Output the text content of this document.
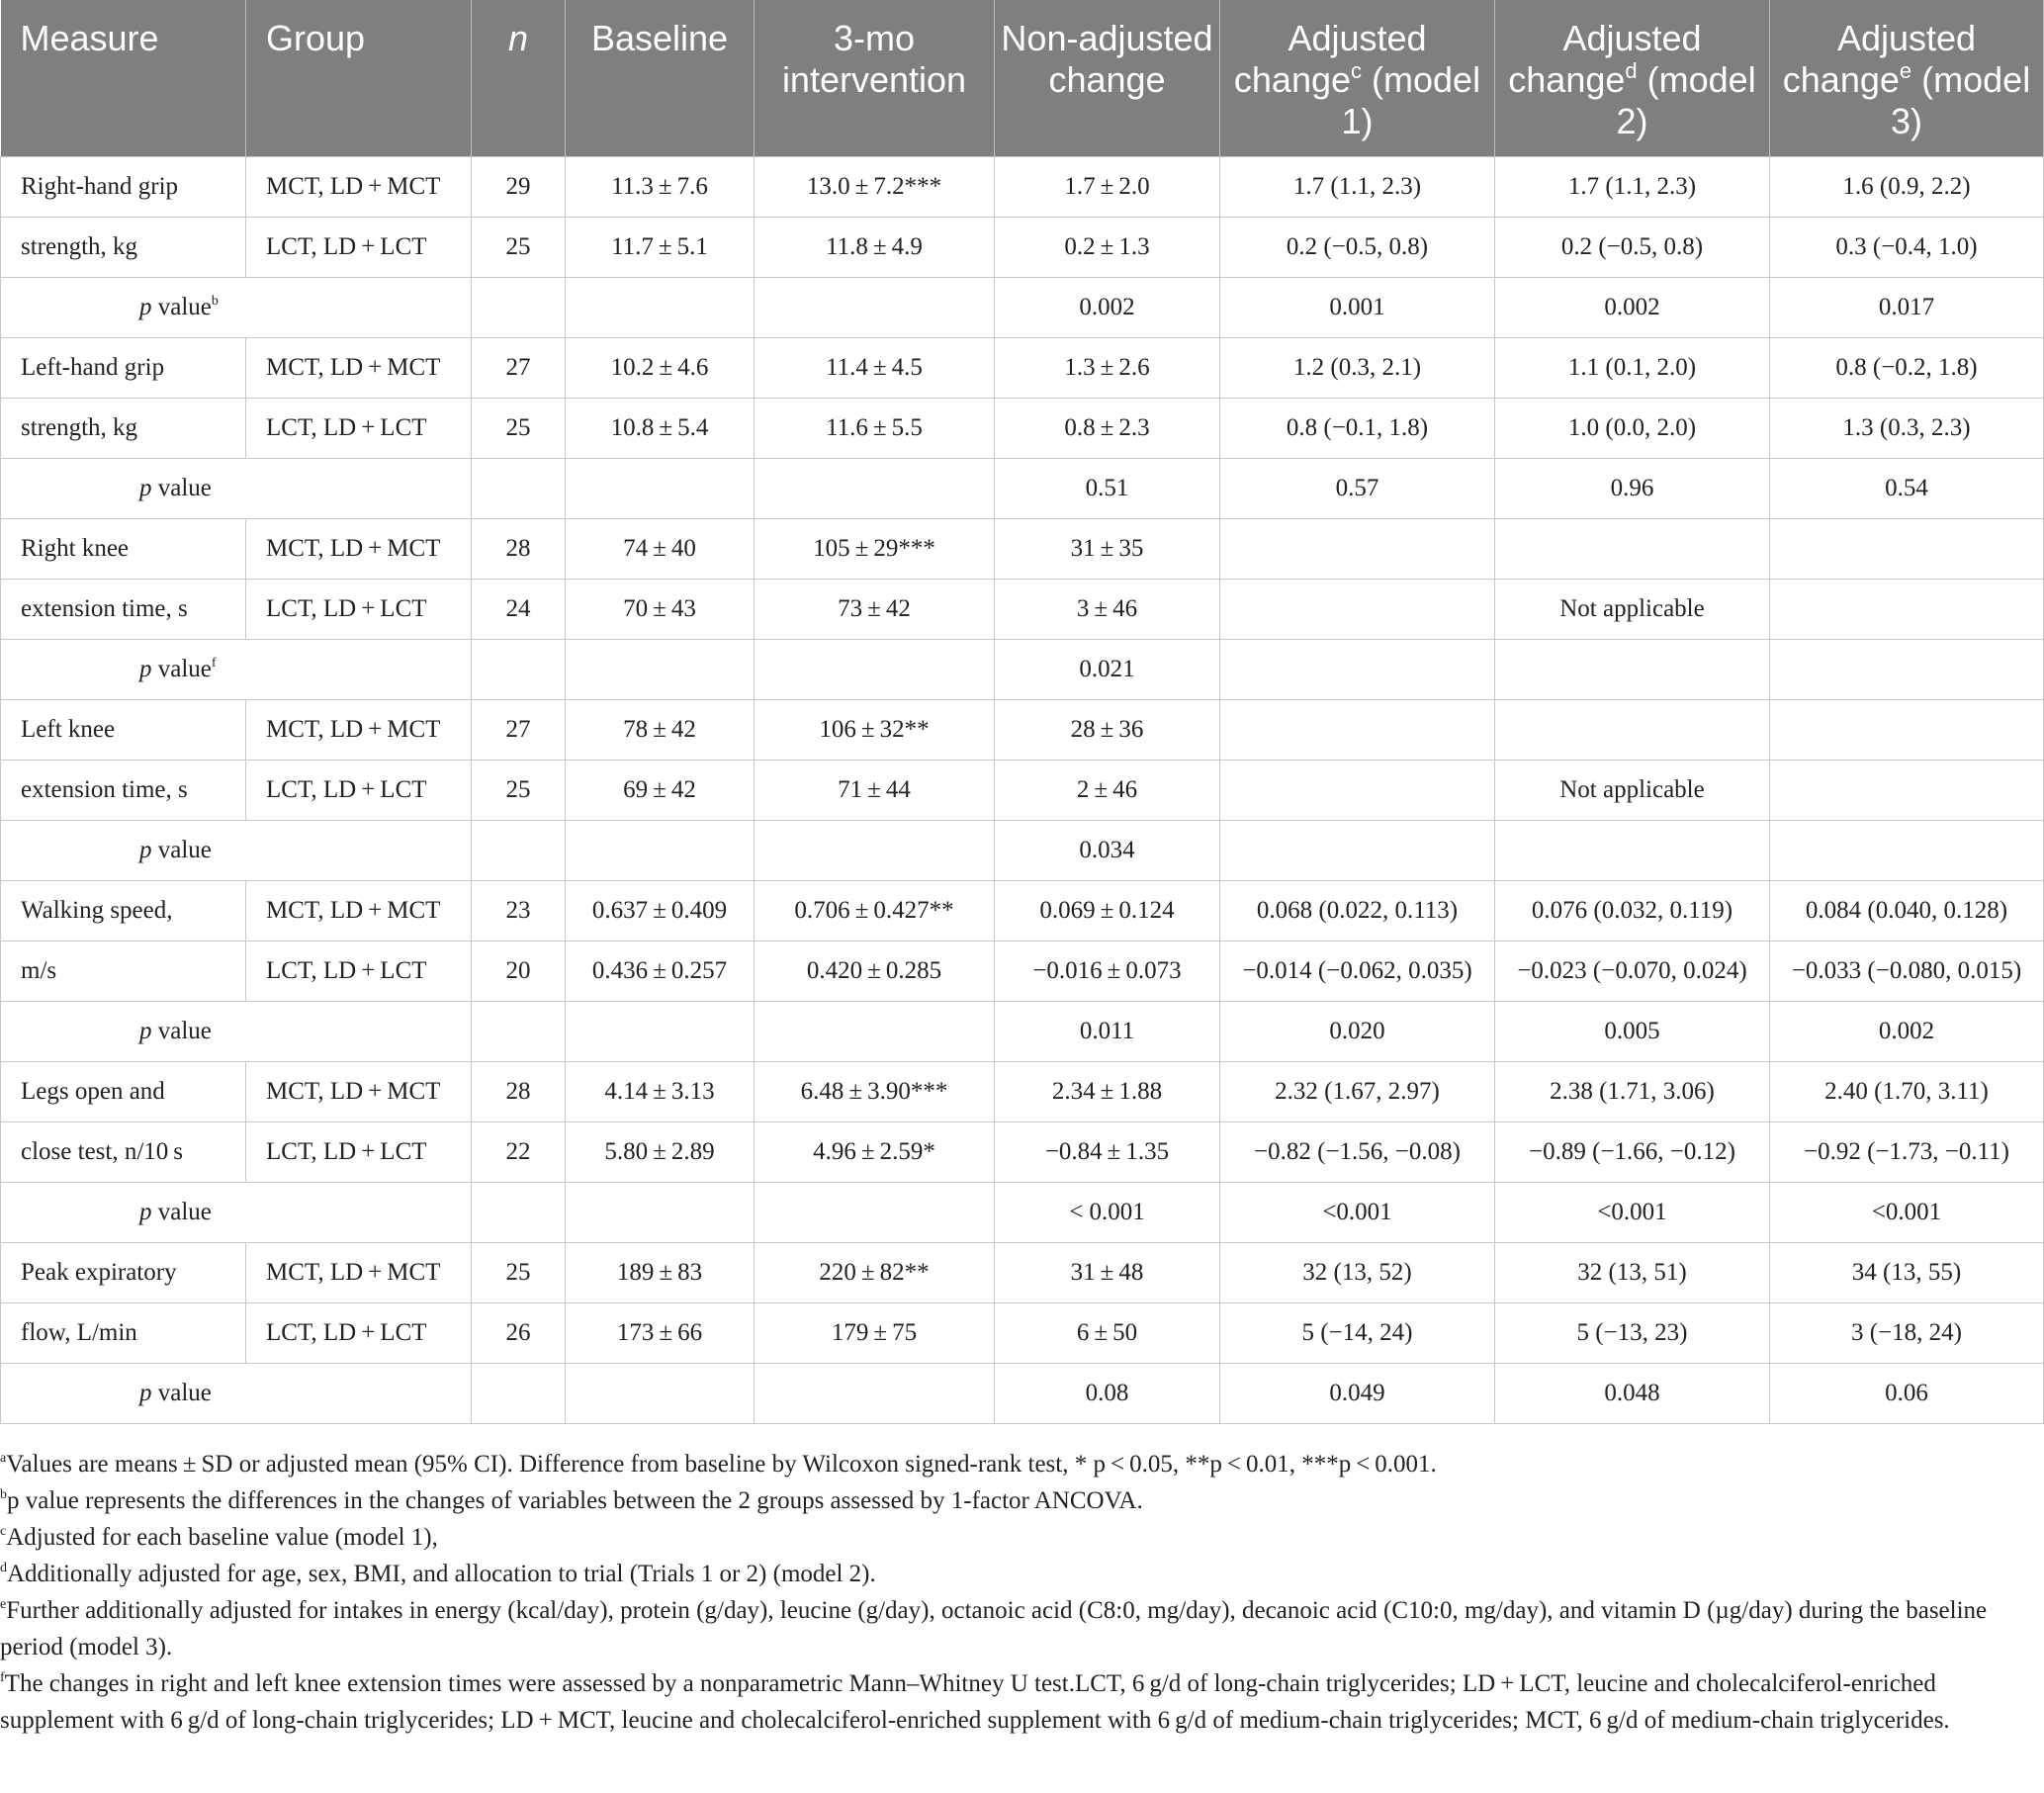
Measure	Group	n	Baseline	3-mo intervention	Non-adjusted change	Adjusted change$^c$ (model 1)	Adjusted change$^d$ (model 2)	Adjusted change$^e$ (model 3)
Right-hand grip	MCT, LD + MCT	29	11.3 ± 7.6	13.0 ± 7.2***	1.7 ± 2.0	1.7 (1.1, 2.3)	1.7 (1.1, 2.3)	1.6 (0.9, 2.2)
strength, kg	LCT, LD + LCT	25	11.7 ± 5.1	11.8 ± 4.9	0.2 ± 1.3	0.2 (−0.5, 0.8)	0.2 (−0.5, 0.8)	0.3 (−0.4, 1.0)
p value$^b$					0.002	0.001	0.002	0.017
Left-hand grip	MCT, LD + MCT	27	10.2 ± 4.6	11.4 ± 4.5	1.3 ± 2.6	1.2 (0.3, 2.1)	1.1 (0.1, 2.0)	0.8 (−0.2, 1.8)
strength, kg	LCT, LD + LCT	25	10.8 ± 5.4	11.6 ± 5.5	0.8 ± 2.3	0.8 (−0.1, 1.8)	1.0 (0.0, 2.0)	1.3 (0.3, 2.3)
p value					0.51	0.57	0.96	0.54
Right knee	MCT, LD + MCT	28	74 ± 40	105 ± 29***	31 ± 35			
extension time, s	LCT, LD + LCT	24	70 ± 43	73 ± 42	3 ± 46		Not applicable	
p value$^f$					0.021			
Left knee	MCT, LD + MCT	27	78 ± 42	106 ± 32**	28 ± 36			
extension time, s	LCT, LD + LCT	25	69 ± 42	71 ± 44	2 ± 46		Not applicable	
p value					0.034			
Walking speed,	MCT, LD + MCT	23	0.637 ± 0.409	0.706 ± 0.427**	0.069 ± 0.124	0.068 (0.022, 0.113)	0.076 (0.032, 0.119)	0.084 (0.040, 0.128)
m/s	LCT, LD + LCT	20	0.436 ± 0.257	0.420 ± 0.285	−0.016 ± 0.073	−0.014 (−0.062, 0.035)	−0.023 (−0.070, 0.024)	−0.033 (−0.080, 0.015)
p value					0.011	0.020	0.005	0.002
Legs open and	MCT, LD + MCT	28	4.14 ± 3.13	6.48 ± 3.90***	2.34 ± 1.88	2.32 (1.67, 2.97)	2.38 (1.71, 3.06)	2.40 (1.70, 3.11)
close test, n/10 s	LCT, LD + LCT	22	5.80 ± 2.89	4.96 ± 2.59*	−0.84 ± 1.35	−0.82 (−1.56, −0.08)	−0.89 (−1.66, −0.12)	−0.92 (−1.73, −0.11)
p value					< 0.001	<0.001	<0.001	<0.001
Peak expiratory	MCT, LD + MCT	25	189 ± 83	220 ± 82**	31 ± 48	32 (13, 52)	32 (13, 51)	34 (13, 55)
flow, L/min	LCT, LD + LCT	26	173 ± 66	179 ± 75	6 ± 50	5 (−14, 24)	5 (−13, 23)	3 (−18, 24)
p value					0.08	0.049	0.048	0.06

$^a$Values are means ± SD or adjusted mean (95% CI). Difference from baseline by Wilcoxon signed-rank test, * p < 0.05, **p < 0.01, ***p < 0.001.

$^b$p value represents the differences in the changes of variables between the 2 groups assessed by 1-factor ANCOVA.

$^c$Adjusted for each baseline value (model 1),

$^d$Additionally adjusted for age, sex, BMI, and allocation to trial (Trials 1 or 2) (model 2).

$^e$Further additionally adjusted for intakes in energy (kcal/day), protein (g/day), leucine (g/day), octanoic acid (C8:0, mg/day), decanoic acid (C10:0, mg/day), and vitamin D (µg/day) during the baseline period (model 3).

$^f$The changes in right and left knee extension times were assessed by a nonparametric Mann–Whitney U test.LCT, 6 g/d of long-chain triglycerides; LD + LCT, leucine and cholecalciferol-enriched supplement with 6 g/d of long-chain triglycerides; LD + MCT, leucine and cholecalciferol-enriched supplement with 6 g/d of medium-chain triglycerides; MCT, 6 g/d of medium-chain triglycerides.
